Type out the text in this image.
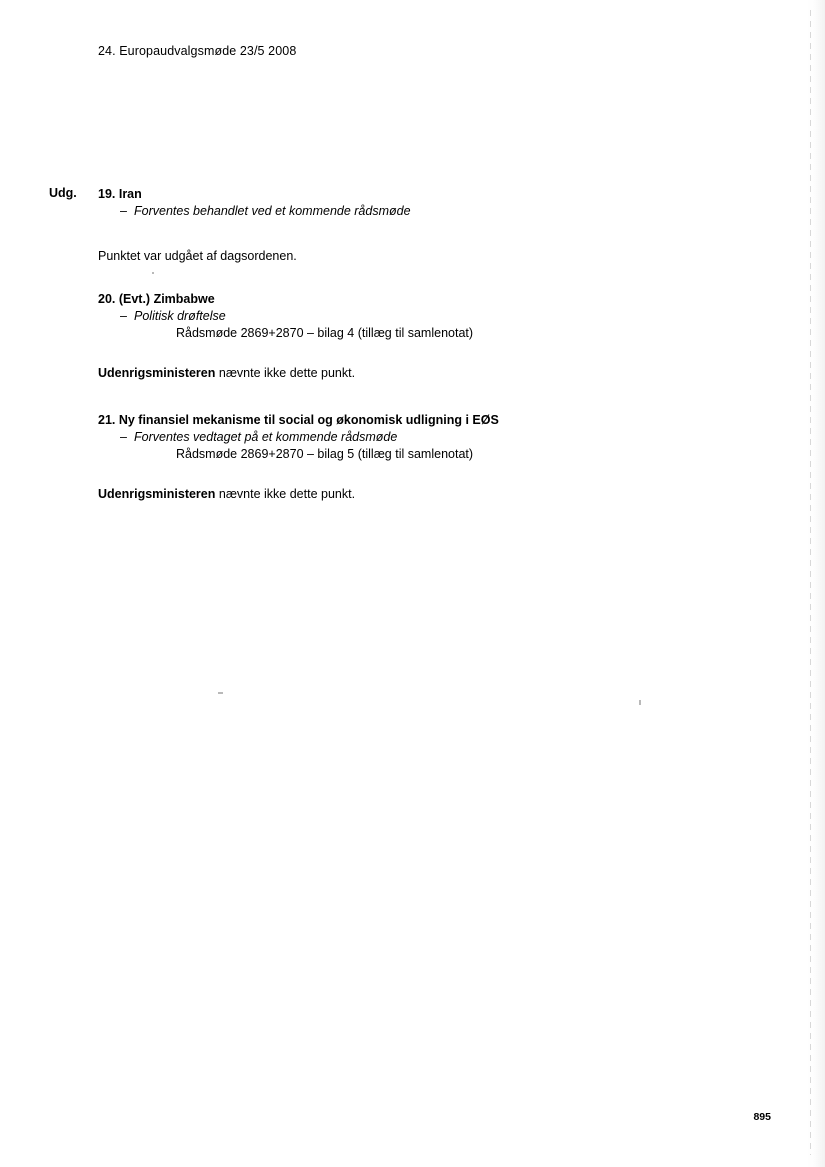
24. Europaudvalgsmøde 23/5 2008
Udg. 19. Iran
– Forventes behandlet ved et kommende rådsmøde
Punktet var udgået af dagsordenen.
20. (Evt.) Zimbabwe
– Politisk drøftelse
Rådsmøde 2869+2870 – bilag 4 (tillæg til samlenotat)
Udenrigsministeren nævnte ikke dette punkt.
21. Ny finansiel mekanisme til social og økonomisk udligning i EØS
– Forventes vedtaget på et kommende rådsmøde
Rådsmøde 2869+2870 – bilag 5 (tillæg til samlenotat)
Udenrigsministeren nævnte ikke dette punkt.
895
